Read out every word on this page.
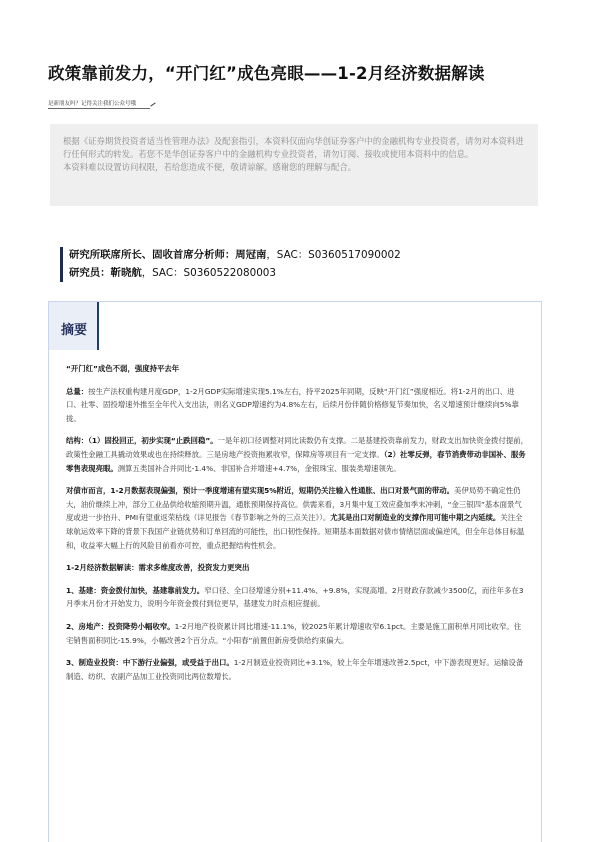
政策靠前发力，“开门红”成色亮眼——1-2月经济数据解读
是新朋友吗？记得关注我们公众号哦

根据《证券期货投资者适当性管理办法》及配套指引，本资料仅面向华创证券客户中的金融机构专业投资者，请勿对本资料进行任何形式的转发。若您不是华创证券客户中的金融机构专业投资者，请勿订阅、接收或使用本资料中的信息。

本资料难以设置访问权限，若给您造成不便，敬请谅解。感谢您的理解与配合。

研究所联席所长、固收首席分析师：周冠南，SAC：S0360517090002
研究员：靳晓航，SAC：S0360522080003
摘要

“开门红”成色不弱，强度持平去年

总量：按生产法权重构建月度GDP，1-2月GDP实际增速实现5.1%左右，持平2025年同期，反映“开门红”强度相近。将1-2月的出口、进口、社零、固投增速外推至全年代入支出法，则名义GDP增速约为4.8%左右，后续月份伴随价格修复节奏加快，名义增速预计继续向5%靠拢。

结构：（1）固投回正，初步实现“止跌回稳”。一是年初口径调整对同比读数仍有支撑。二是基建投资靠前发力，财政支出加快资金拨付提前，政策性金融工具撬动效果或也在持续释放。三是房地产投资拖累收窄，保障房等项目有一定支撑。（2）社零反弹，春节消费带动非国补、服务零售表现亮眼。测算五类国补合并同比-1.4%、非国补合并增速+4.7%，金银珠宝、服装类增速领先。

对债市而言，1-2月数据表现偏强，预计一季度增速有望实现5%附近，短期仍关注输入性通胀、出口对景气面的带动。美伊局势不确定性仍大，油价继续上冲，部分工业品供给收缩预期升温，通胀预期保持高位。供需来看，3月集中复工效应叠加季末冲刺，“金三银四”基本面景气度或进一步抬升、PMI有望重返荣枯线（详见报告《春节影响之外的三点关注》）。尤其是出口对制造业的支撑作用可能中期之内延续。关注全球航运效率下降的背景下我国产业链优势和订单回流的可能性，出口韧性保持。短期基本面数据对债市情绪层面或偏逆风，但全年总体目标温和，收益率大幅上行的风险目前看亦可控，重点把握结构性机会。

1-2月经济数据解读：需求多维度改善，投资发力更突出

1、基建：资金拨付加快，基建靠前发力。窄口径、全口径增速分别+11.4%、+9.8%，实现高增。2月财政存款减少3500亿，而往年多在3月季末月份才开始发力，说明今年资金拨付到位更早，基建发力时点相应提前。

2、房地产：投资降势小幅收窄。1-2月地产投资累计同比增速-11.1%，较2025年累计增速收窄6.1pct。主要是施工面积单月同比收窄。住宅销售面积同比-15.9%，小幅改善2个百分点。“小阳春”前置但新房受供给约束偏大。

3、制造业投资：中下游行业偏强，或受益于出口。1-2月制造业投资同比+3.1%，较上年全年增速改善2.5pct，中下游表现更好。运输设备制造、纺织、农副产品加工业投资同比两位数增长。
